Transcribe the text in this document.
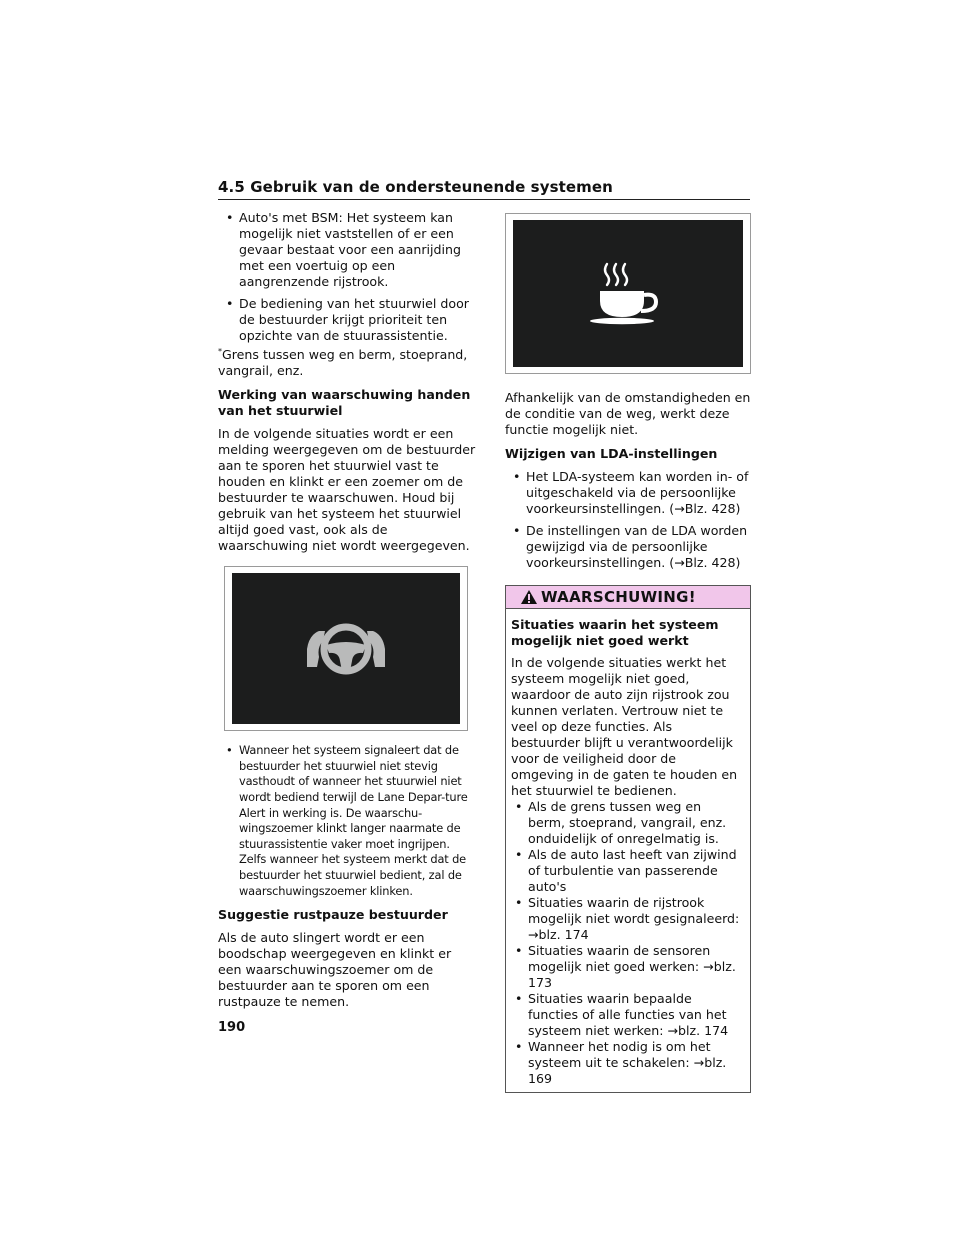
4.5 Gebruik van de ondersteunende systemen
• Auto's met BSM: Het systeem kan mogelijk niet vaststellen of er een gevaar bestaat voor een aanrijding met een voertuig op een aangrenzende rijstrook.
• De bediening van het stuurwiel door de bestuurder krijgt prioriteit ten opzichte van de stuurassistentie.

*Grens tussen weg en berm, stoeprand, vangrail, enz.

Werking van waarschuwing handen van het stuurwiel

In de volgende situaties wordt er een melding weergegeven om de bestuurder aan te sporen het stuurwiel vast te houden en klinkt er een zoemer om de bestuurder te waarschuwen. Houd bij gebruik van het systeem het stuurwiel altijd goed vast, ook als de waarschuwing niet wordt weergegeven.

• Wanneer het systeem signaleert dat de bestuurder het stuurwiel niet stevig vasthoudt of wanneer het stuurwiel niet wordt bediend terwijl de Lane Depar-ture Alert in werking is. De waarschu-wingszoemer klinkt langer naarmate de stuurassistentie vaker moet ingrijpen. Zelfs wanneer het systeem merkt dat de bestuurder het stuurwiel bedient, zal de waarschuwingszoemer klinken.

Suggestie rustpauze bestuurder

Als de auto slingert wordt er een boodschap weergegeven en klinkt er een waarschuwingszoemer om de bestuurder aan te sporen om een rustpauze te nemen.

Afhankelijk van de omstandigheden en de conditie van de weg, werkt deze functie mogelijk niet.

Wijzigen van LDA-instellingen

• Het LDA-systeem kan worden in- of uitgeschakeld via de persoonlijke voorkeursinstellingen. (→Blz. 428)
• De instellingen van de LDA worden gewijzigd via de persoonlijke voorkeursinstellingen. (→Blz. 428)
WAARSCHUWING!

Situaties waarin het systeem mogelijk niet goed werkt

In de volgende situaties werkt het systeem mogelijk niet goed, waardoor de auto zijn rijstrook zou kunnen verlaten. Vertrouw niet te veel op deze functies. Als bestuurder blijft u verantwoordelijk voor de veiligheid door de omgeving in de gaten te houden en het stuurwiel te bedienen.

• Als de grens tussen weg en berm, stoeprand, vangrail, enz. onduidelijk of onregelmatig is.
• Als de auto last heeft van zijwind of turbulentie van passerende auto's
• Situaties waarin de rijstrook mogelijk niet wordt gesignaleerd: →blz. 174
• Situaties waarin de sensoren mogelijk niet goed werken: →blz. 173
• Situaties waarin bepaalde functies of alle functies van het systeem niet werken: →blz. 174
• Wanneer het nodig is om het systeem uit te schakelen: →blz. 169
190
